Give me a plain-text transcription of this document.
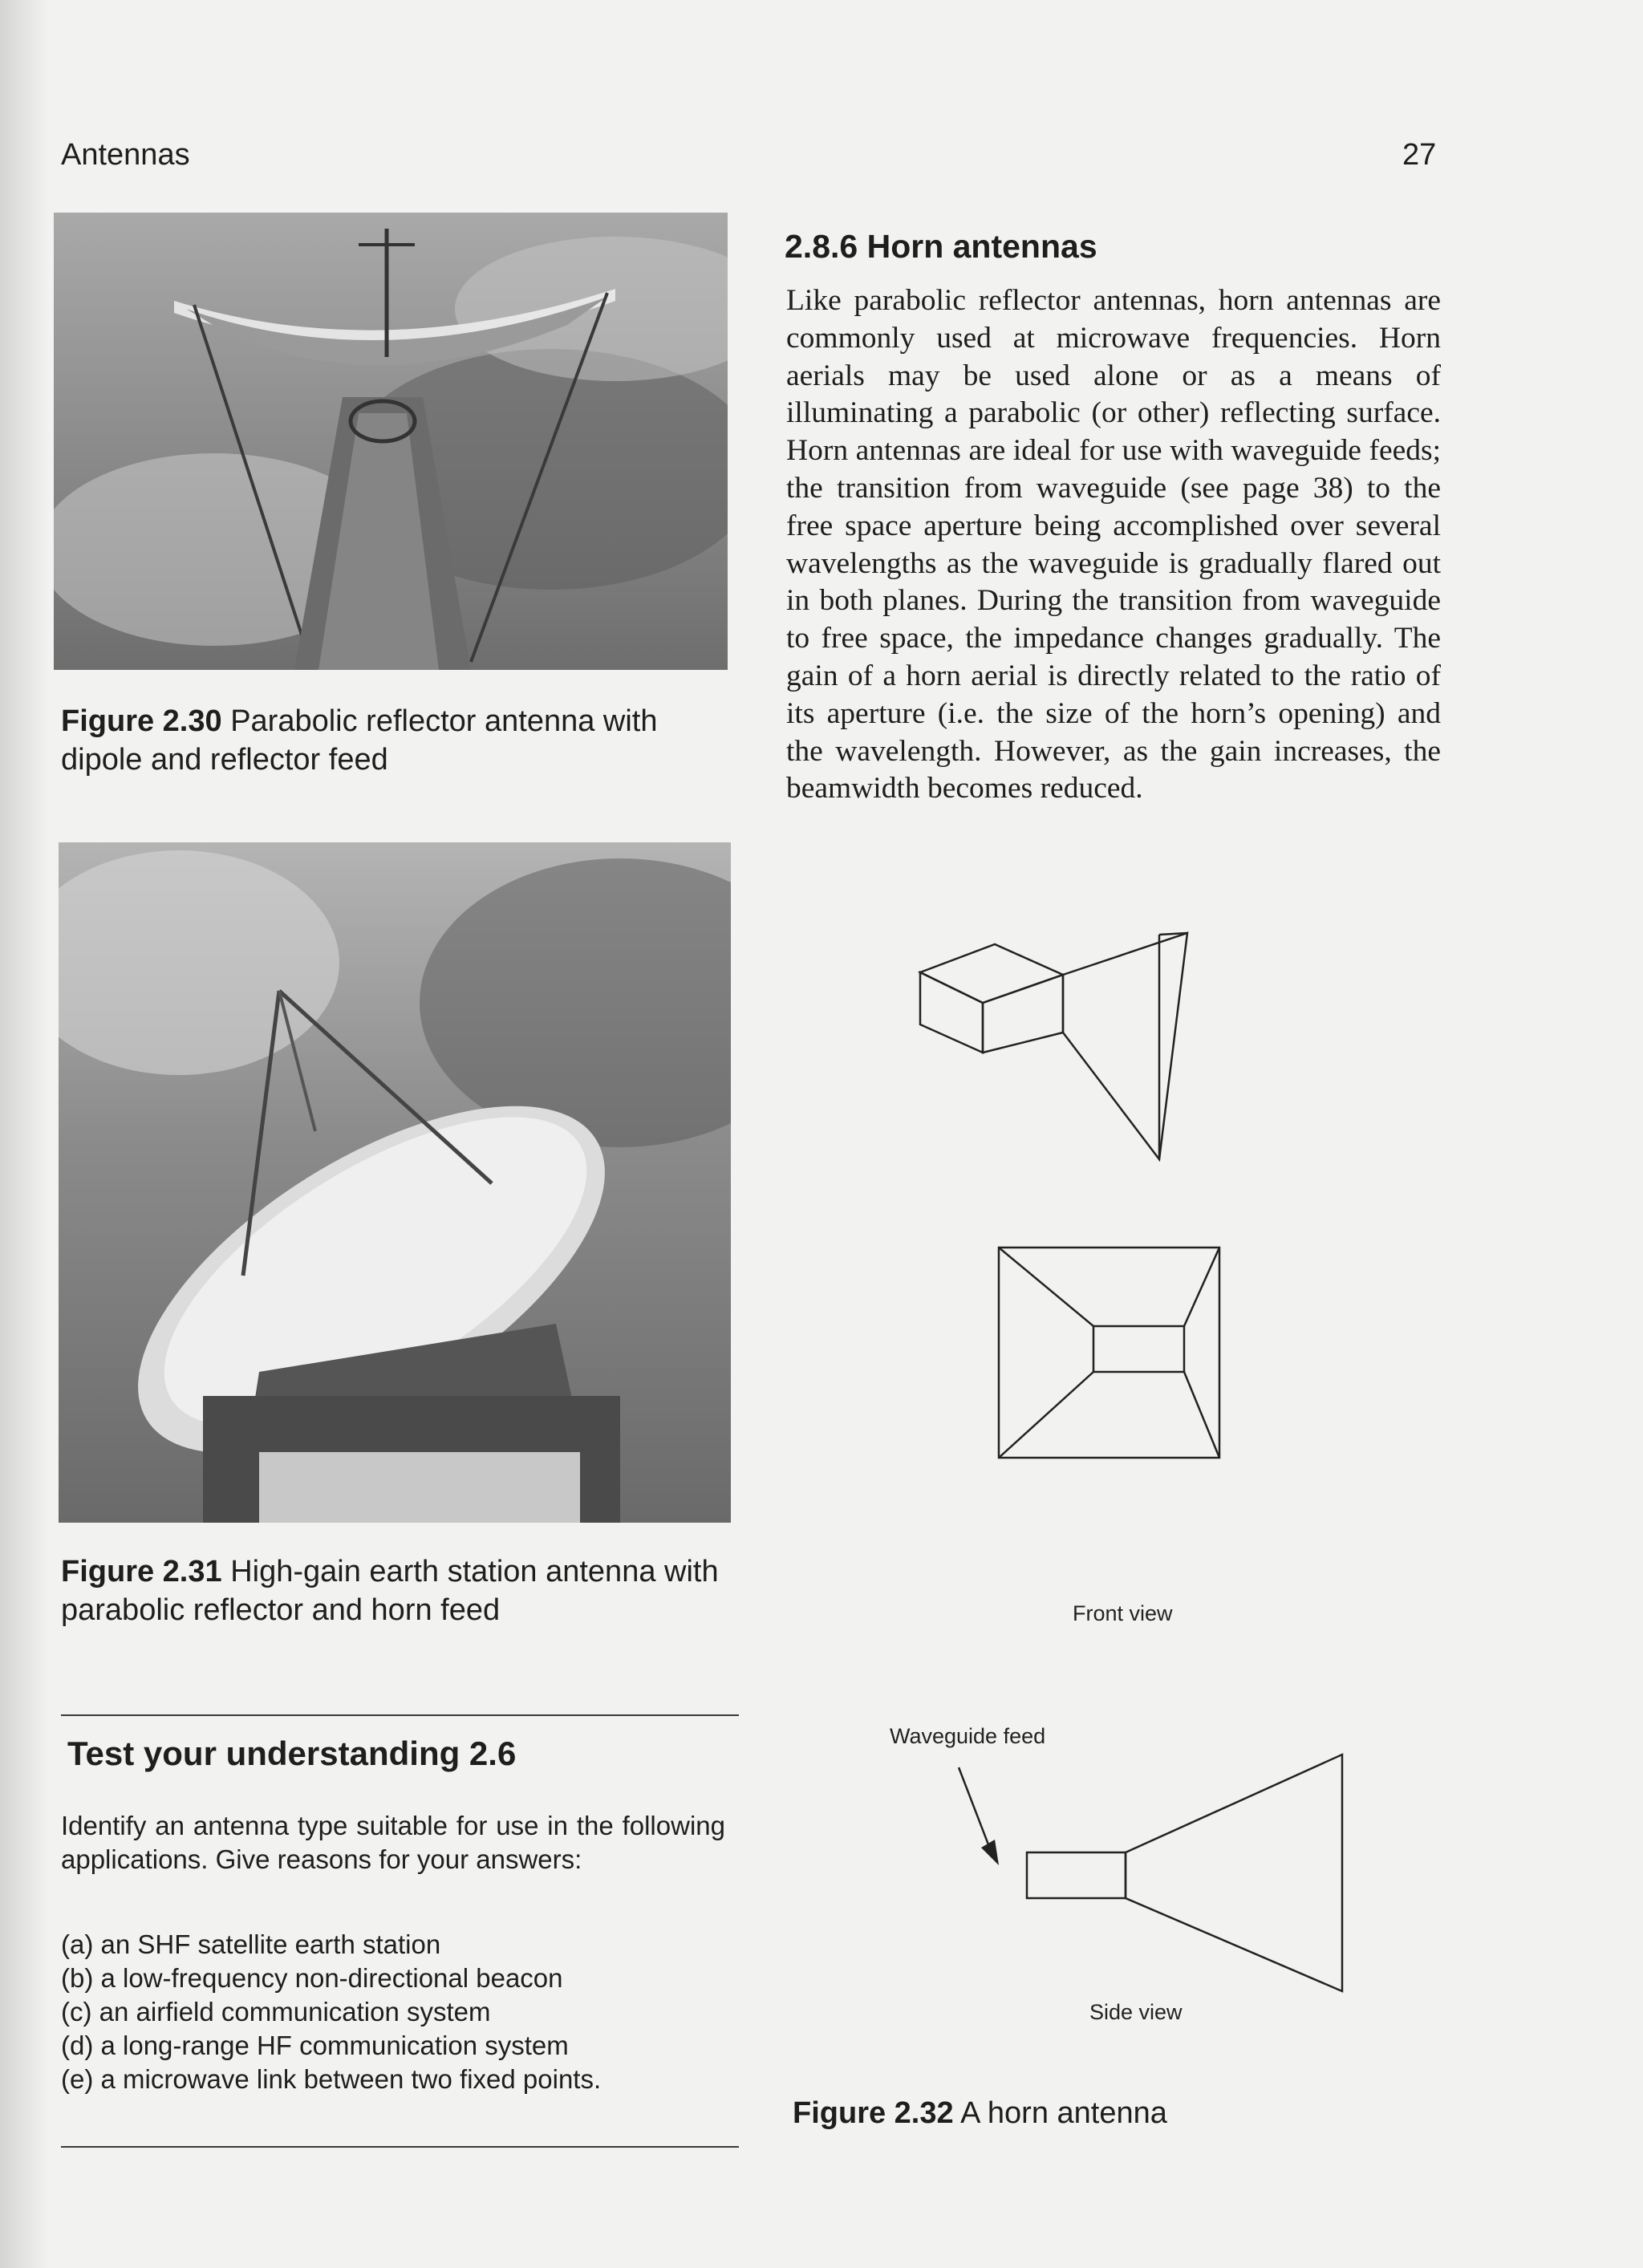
Antennas	27
Figure 2.30 Parabolic reflector antenna with dipole and reflector feed
Figure 2.31 High-gain earth station antenna with parabolic reflector and horn feed
Test your understanding 2.6
Identify an antenna type suitable for use in the following applications. Give reasons for your answers:
(a) an SHF satellite earth station
(b) a low-frequency non-directional beacon
(c) an airfield communication system
(d) a long-range HF communication system
(e) a microwave link between two fixed points.
2.8.6 Horn antennas
Like parabolic reflector antennas, horn antennas are commonly used at microwave frequencies. Horn aerials may be used alone or as a means of illuminating a parabolic (or other) reflecting surface. Horn antennas are ideal for use with waveguide feeds; the transition from waveguide (see page 38) to the free space aperture being accomplished over several wavelengths as the waveguide is gradually flared out in both planes. During the transition from waveguide to free space, the impedance changes gradually. The gain of a horn aerial is directly related to the ratio of its aperture (i.e. the size of the horn’s opening) and the wavelength. However, as the gain increases, the beamwidth becomes reduced.
Front view
Waveguide feed
Side view
Figure 2.32 A horn antenna
